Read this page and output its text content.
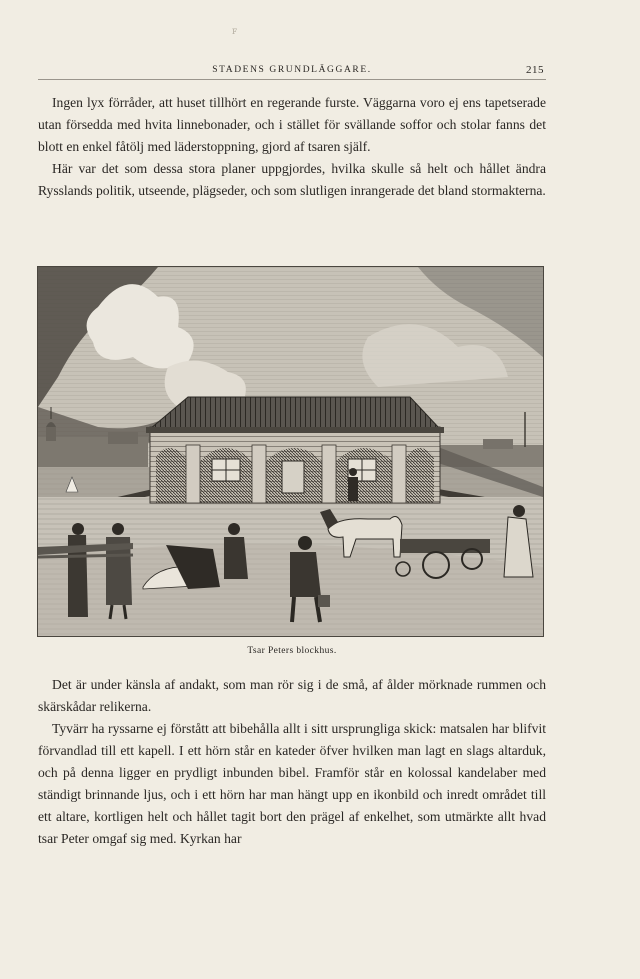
ꜰ
STADENS GRUNDLÄGGARE.	215

Ingen lyx förråder, att huset tillhört en regerande furste. Väggarna voro ej ens tapetserade utan försedda med hvita linnebonader, och i stället för svällande soffor och stolar fanns det blott en enkel fåtölj med läderstoppning, gjord af tsaren själf.

Här var det som dessa stora planer uppgjordes, hvilka skulle så helt och hållet ändra Rysslands politik, utseende, plägseder, och som slutligen inrangerade det bland stormakterna.

Tsar Peters blockhus.

Det är under känsla af andakt, som man rör sig i de små, af ålder mörknade rummen och skärskådar relikerna.

Tyvärr ha ryssarne ej förstått att bibehålla allt i sitt ursprungliga skick: matsalen har blifvit förvandlad till ett kapell. I ett hörn står en kateder öfver hvilken man lagt en slags altarduk, och på denna ligger en prydligt inbunden bibel. Framför står en kolossal kandelaber med ständigt brinnande ljus, och i ett hörn har man hängt upp en ikonbild och inredt området till ett altare, kortligen helt och hållet tagit bort den prägel af enkelhet, som utmärkte allt hvad tsar Peter omgaf sig med. Kyrkan har
